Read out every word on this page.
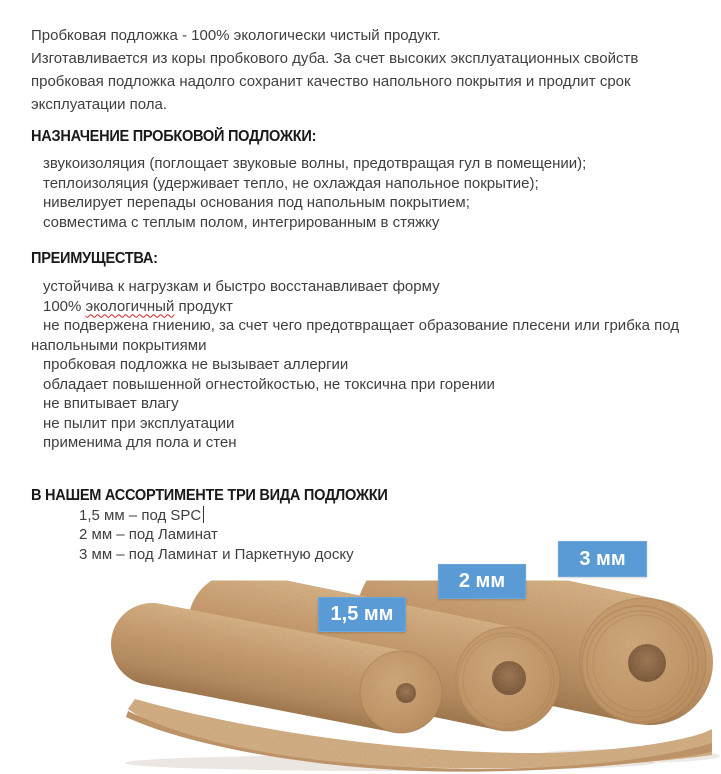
Пробковая подложка - 100% экологически чистый продукт.

Изготавливается из коры пробкового дуба. За счет высоких эксплуатационных свойств пробковая подложка надолго сохранит качество напольного покрытия и продлит срок эксплуатации пола.

НАЗНАЧЕНИЕ ПРОБКОВОЙ ПОДЛОЖКИ:

звукоизоляция (поглощает звуковые волны, предотвращая гул в помещении);

теплоизоляция (удерживает тепло, не охлаждая напольное покрытие);

нивелирует перепады основания под напольным покрытием;

совместима с теплым полом, интегрированным в стяжку

ПРЕИМУЩЕСТВА:

устойчива к нагрузкам и быстро восстанавливает форму

100% экологичный продукт

не подвержена гниению, за счет чего предотвращает образование плесени или грибка под напольными покрытиями

пробковая подложка не вызывает аллергии

обладает повышенной огнестойкостью, не токсична при горении

не впитывает влагу

не пылит при эксплуатации

применима для пола и стен

В НАШЕМ АССОРТИМЕНТЕ ТРИ ВИДА ПОДЛОЖКИ

1,5 мм – под SPC

2 мм – под Ламинат

3 мм – под Ламинат и Паркетную доску

1,5 мм
2 мм
3 мм
